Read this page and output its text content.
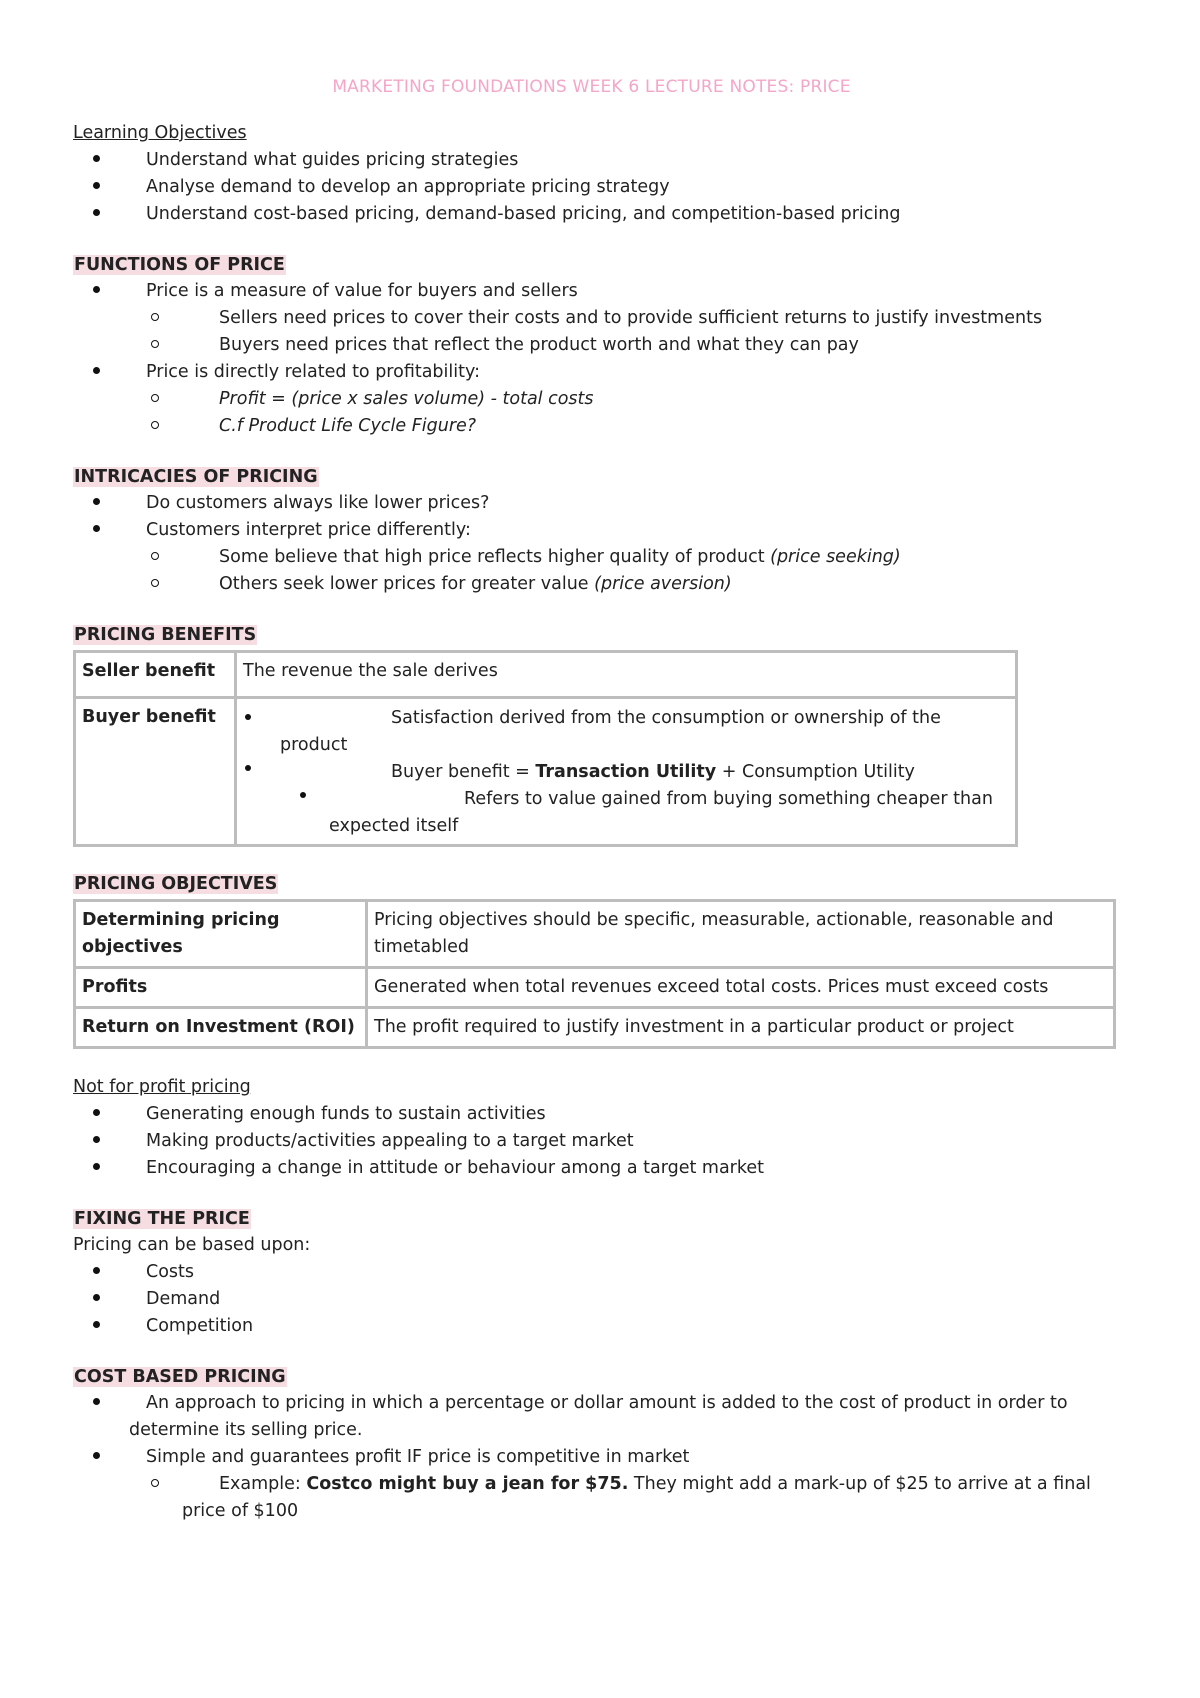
MARKETING FOUNDATIONS WEEK 6 LECTURE NOTES: PRICE

Learning Objectives

Understand what guides pricing strategies
Analyse demand to develop an appropriate pricing strategy
Understand cost-based pricing, demand-based pricing, and competition-based pricing

FUNCTIONS OF PRICE

Price is a measure of value for buyers and sellers
Sellers need prices to cover their costs and to provide sufficient returns to justify investments
Buyers need prices that reflect the product worth and what they can pay
Price is directly related to profitability:
Profit = (price x sales volume) - total costs
C.f Product Life Cycle Figure?

INTRICACIES OF PRICING

Do customers always like lower prices?
Customers interpret price differently:
Some believe that high price reflects higher quality of product (price seeking)
Others seek lower prices for greater value (price aversion)

PRICING BENEFITS

Seller benefit	The revenue the sale derives
Buyer benefit	Satisfaction derived from the consumption or ownership of the
product
Buyer benefit = Transaction Utility + Consumption Utility
Refers to value gained from buying something cheaper than
expected itself

PRICING OBJECTIVES

Determining pricing objectives	Pricing objectives should be specific, measurable, actionable, reasonable and timetabled
Profits	Generated when total revenues exceed total costs. Prices must exceed costs
Return on Investment (ROI)	The profit required to justify investment in a particular product or project

Not for profit pricing

Generating enough funds to sustain activities
Making products/activities appealing to a target market
Encouraging a change in attitude or behaviour among a target market

FIXING THE PRICE

Pricing can be based upon:

Costs
Demand
Competition

COST BASED PRICING

An approach to pricing in which a percentage or dollar amount is added to the cost of product in order to determine its selling price.
Simple and guarantees profit IF price is competitive in market
Example: Costco might buy a jean for $75. They might add a mark-up of $25 to arrive at a final price of $100
